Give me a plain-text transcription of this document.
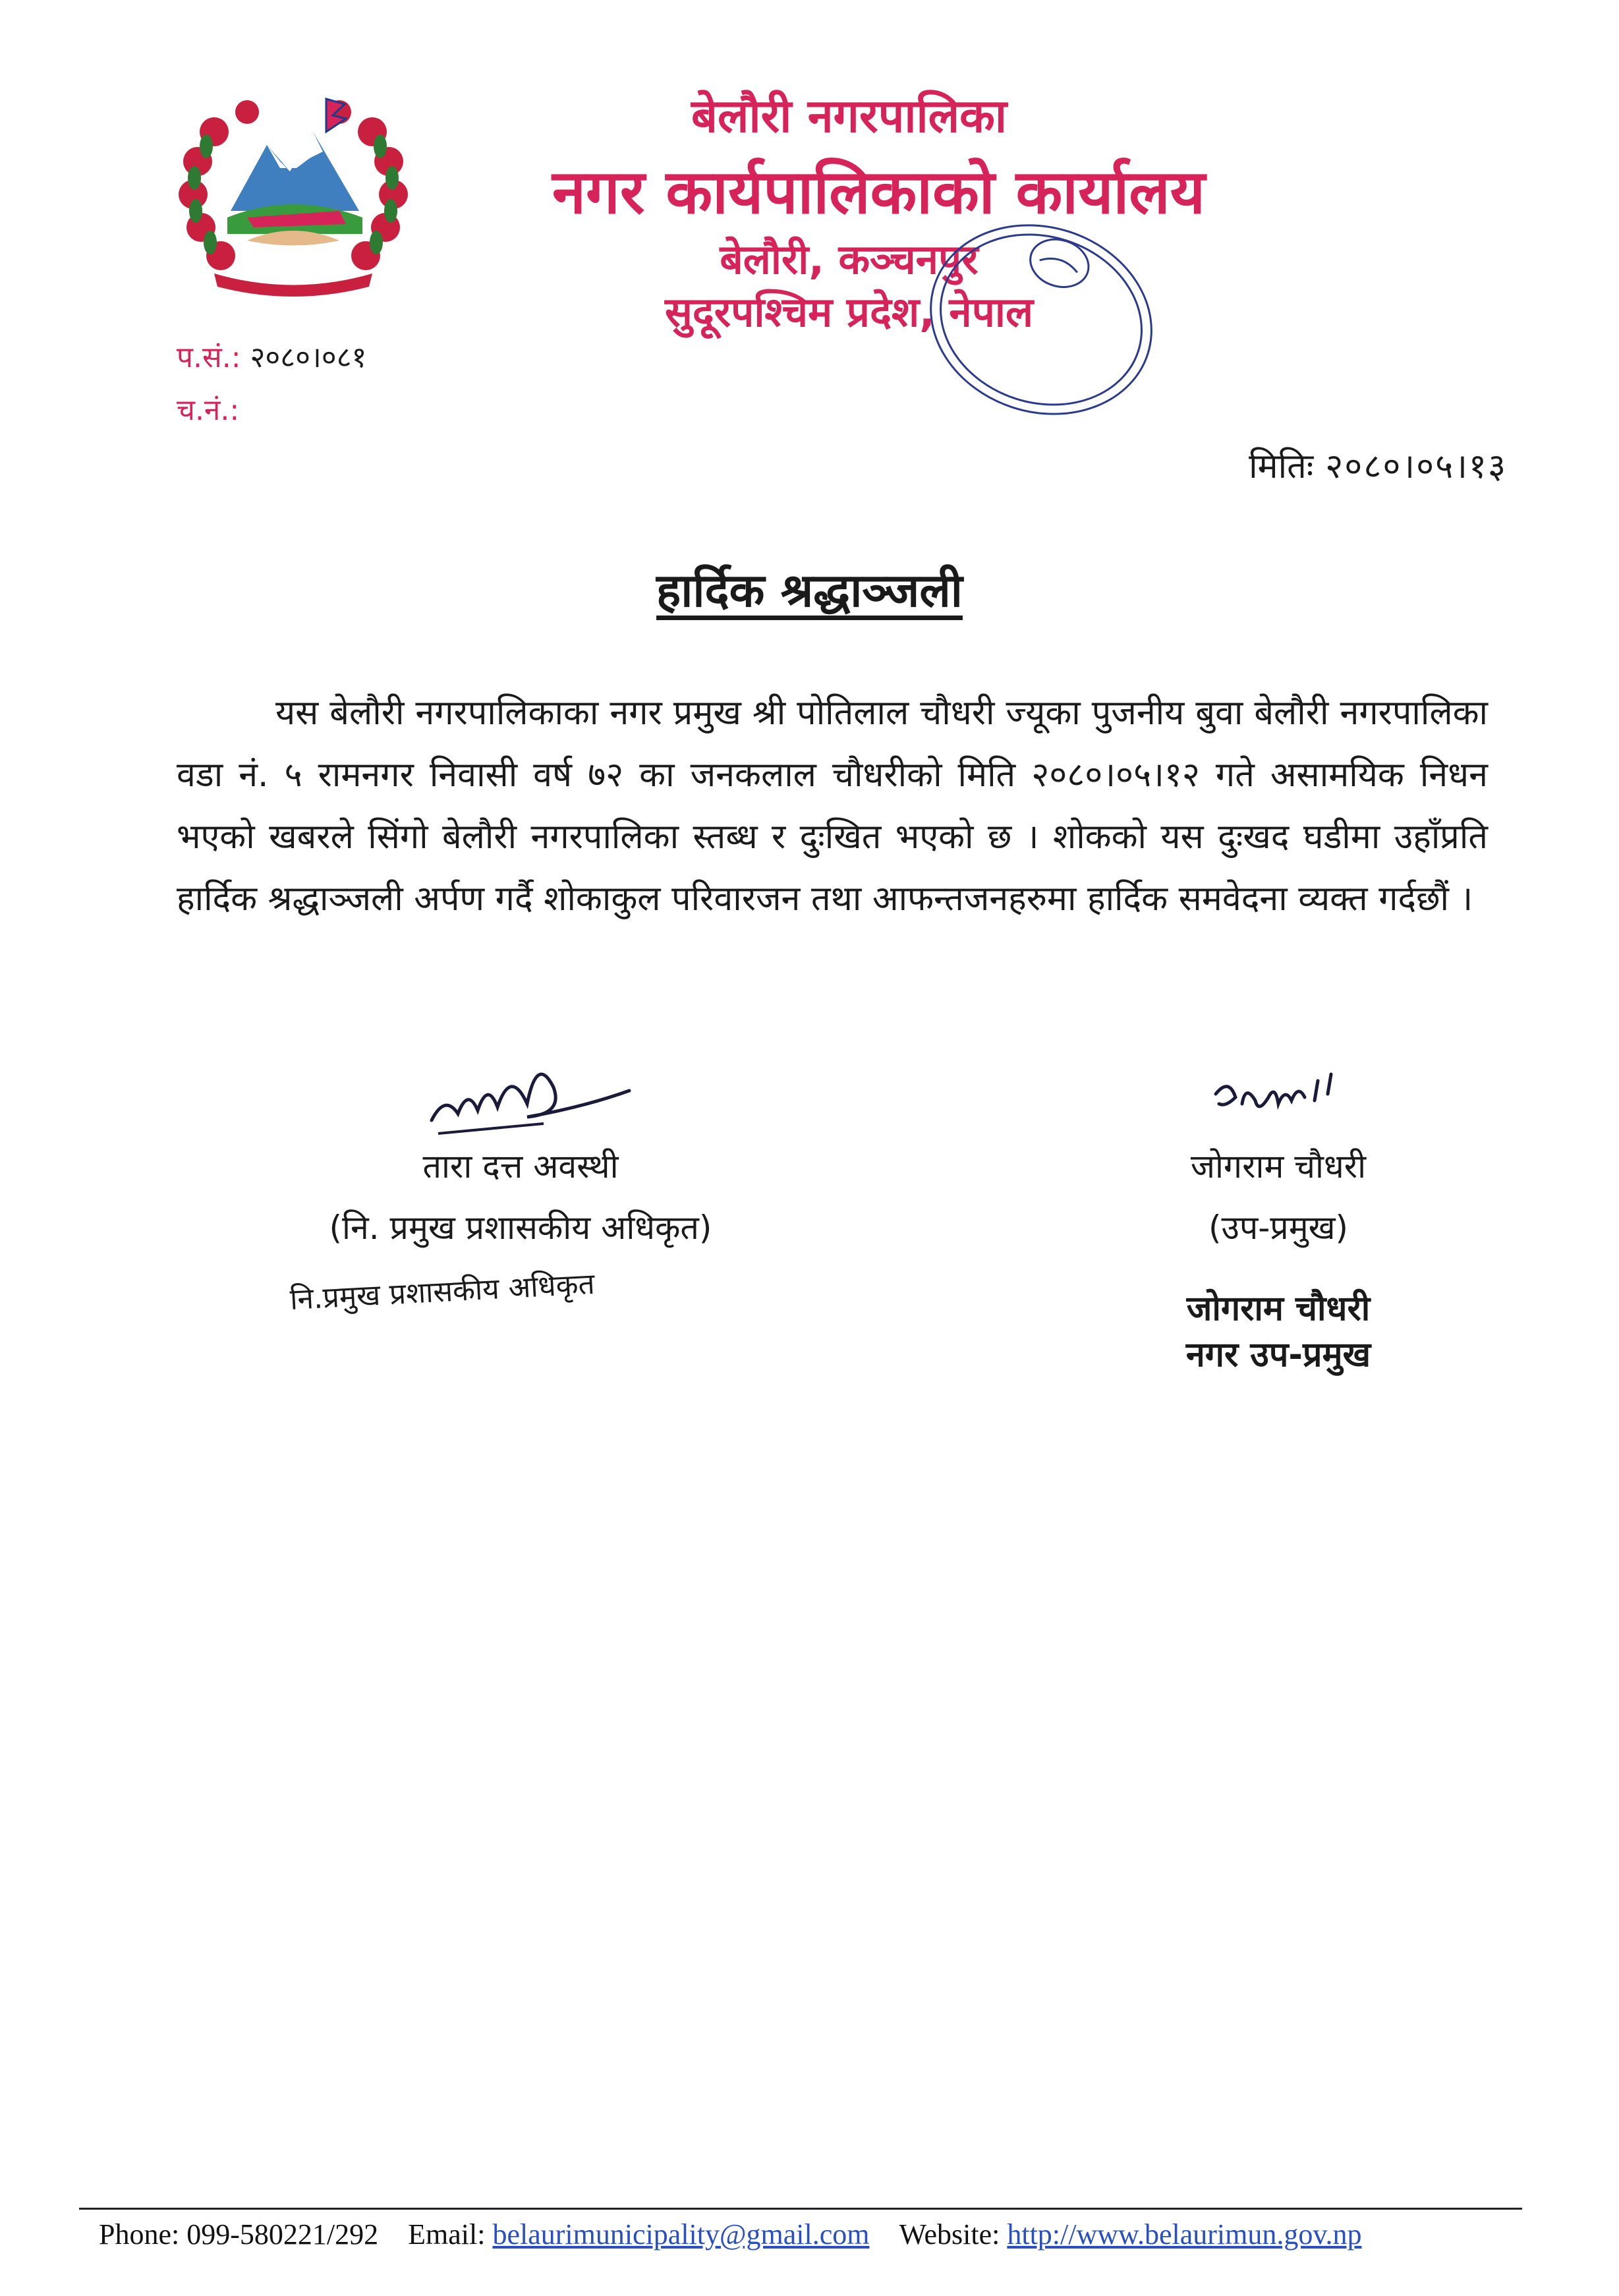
बेलौरी नगरपालिका
नगर कार्यपालिकाको कार्यालय
बेलौरी, कञ्चनपुर
सुदूरपश्चिम प्रदेश, नेपाल
प.सं.: २०८०।०८१
च.नं.:
मितिः २०८०।०५।१३
हार्दिक श्रद्धाञ्जली
यस बेलौरी नगरपालिकाका नगर प्रमुख श्री पोतिलाल चौधरी ज्यूका पुजनीय बुवा बेलौरी नगरपालिका वडा नं. ५ रामनगर निवासी वर्ष ७२ का जनकलाल चौधरीको मिति २०८०।०५।१२ गते असामयिक निधन भएको खबरले सिंगो बेलौरी नगरपालिका स्तब्ध र दुःखित भएको छ । शोकको यस दुःखद घडीमा उहाँप्रति हार्दिक श्रद्धाञ्जली अर्पण गर्दै शोकाकुल परिवारजन तथा आफन्तजनहरुमा हार्दिक समवेदना व्यक्त गर्दछौं ।
तारा दत्त अवस्थी
(नि. प्रमुख प्रशासकीय अधिकृत)
नि.प्रमुख प्रशासकीय अधिकृत
जोगराम चौधरी
(उप-प्रमुख)
जोगराम चौधरी
नगर उप-प्रमुख
Phone: 099-580221/292 Email: belaurimunicipality@gmail.com Website: http://www.belaurimun.gov.np
